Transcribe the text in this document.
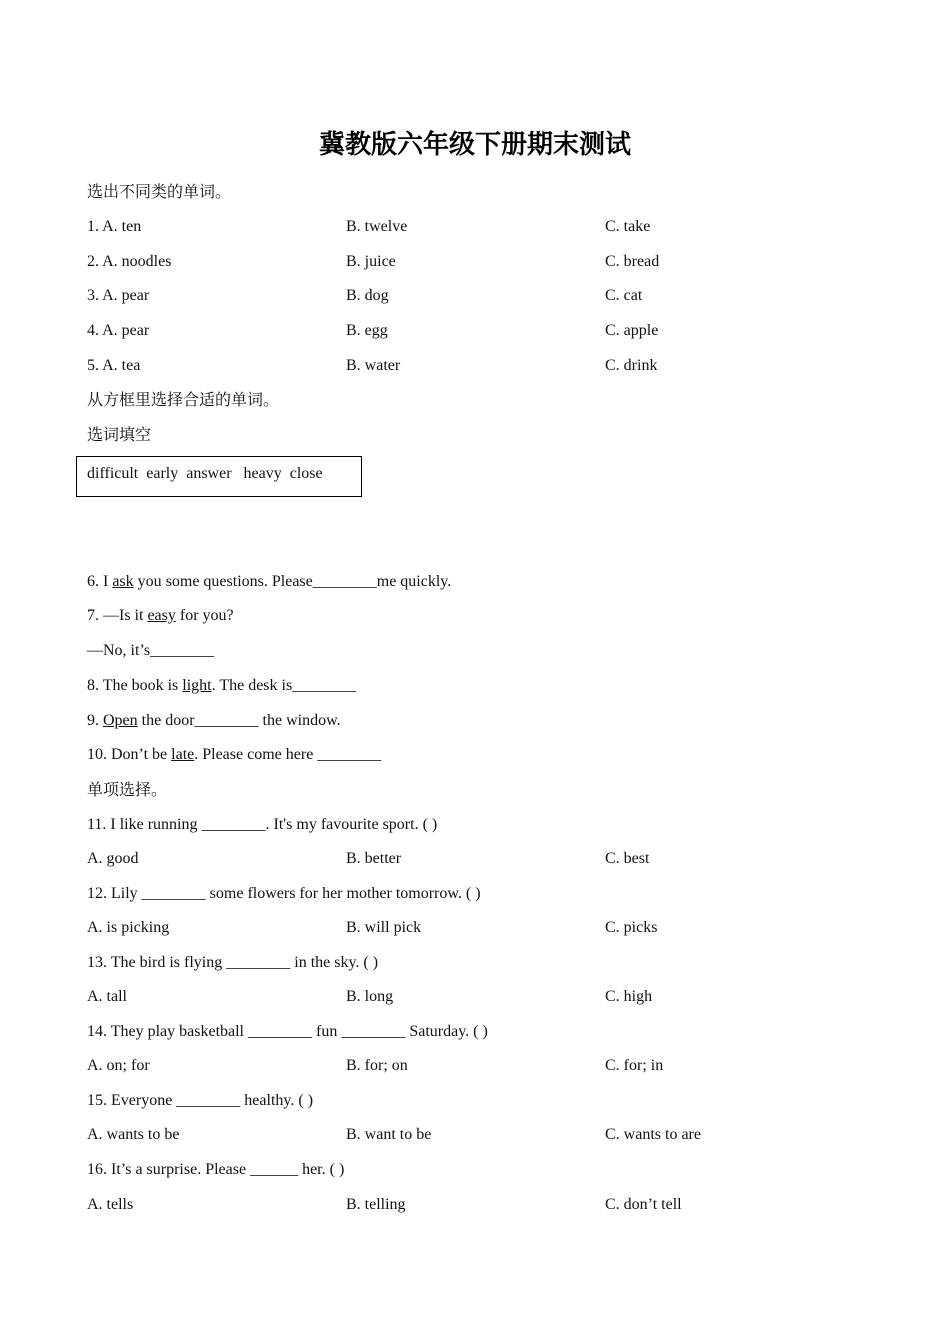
冀教版六年级下册期末测试
选出不同类的单词。
1. A. ten	B. twelve	C. take
2. A. noodles	B. juice	C. bread
3. A. pear	B. dog	C. cat
4. A. pear	B. egg	C. apple
5. A. tea	B. water	C. drink
从方框里选择合适的单词。
选词填空
difficult  early  answer   heavy  close
6. I ask you some questions. Please________me quickly.
7. —Is it easy for you?
—No, it’s________
8. The book is light. The desk is________
9. Open the door________ the window.
10. Don’t be late. Please come here ________
单项选择。
11. I like running ________. It's my favourite sport. ( )
A. good	B. better	C. best
12. Lily ________ some flowers for her mother tomorrow. ( )
A. is picking	B. will pick	C. picks
13. The bird is flying ________ in the sky. ( )
A. tall	B. long	C. high
14. They play basketball ________ fun ________ Saturday. ( )
A. on; for	B. for; on	C. for; in
15. Everyone ________ healthy. ( )
A. wants to be	B. want to be	C. wants to are
16. It’s a surprise. Please ______ her. ( )
A. tells	B. telling	C. don’t tell
